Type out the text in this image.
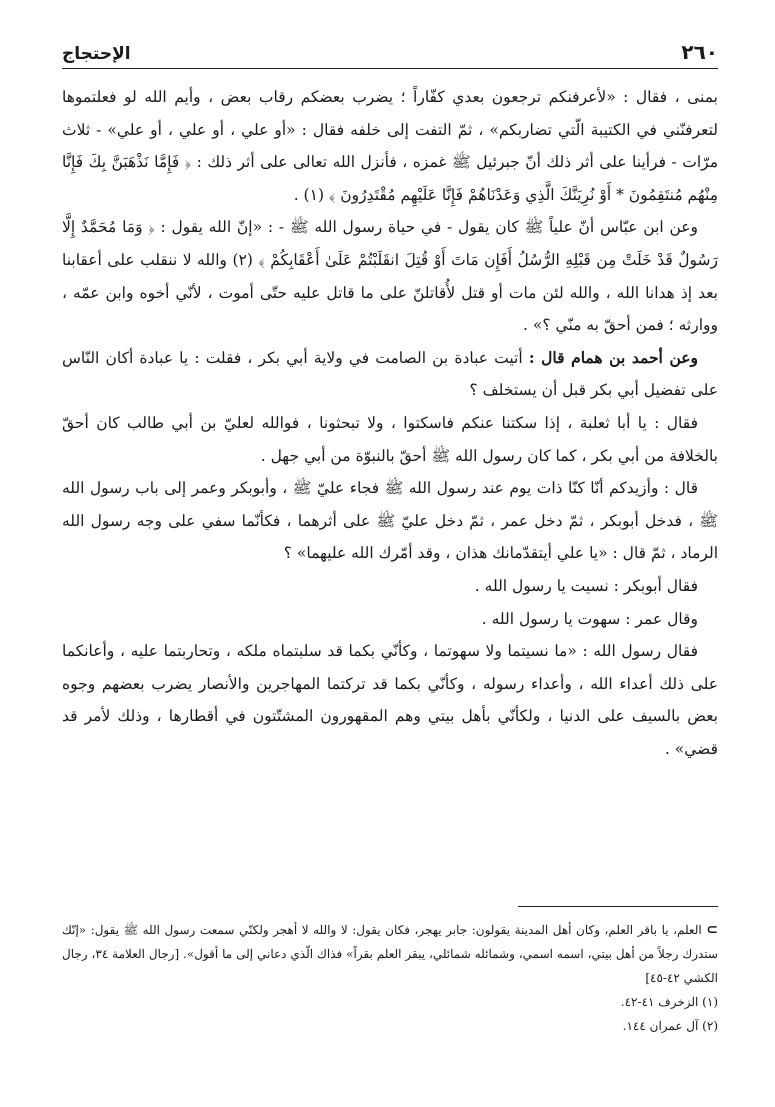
٢٦٠
الإحتجاج

بمنى ، فقال : «لأعرفنكم ترجعون بعدي كفّاراً ؛ يضرب بعضكم رقاب بعض ، وأيم الله لو فعلتموها لتعرفنّني في الكتيبة الّتي تضاربكم» ، ثمّ التفت إلى خلفه فقال : «أو علي ، أو علي ، أو علي» - ثلاث مرّات - فرأينا على أثر ذلك أنّ جبرئيل ﷺ غمزه ، فأنزل الله تعالى على أثر ذلك : ﴿ فَإِمَّا نَذْهَبَنَّ بِكَ فَإِنَّا مِنْهُم مُنتَقِمُونَ * أَوْ نُرِيَنَّكَ الَّذِي وَعَدْنَاهُمْ فَإِنَّا عَلَيْهِم مُقْتَدِرُونَ ﴾ (١) .

وعن ابن عبّاس أنّ علياً ﷺ كان يقول - في حياة رسول الله ﷺ - : «إنّ الله يقول : ﴿ وَمَا مُحَمَّدٌ إِلَّا رَسُولٌ قَدْ خَلَتْ مِن قَبْلِهِ الرُّسُلُ أَفَإِن مَاتَ أَوْ قُتِلَ انقَلَبْتُمْ عَلَىٰ أَعْقَابِكُمْ ﴾ (٢) والله لا ننقلب على أعقابنا بعد إذ هدانا الله ، والله لئن مات أو قتل لأُقاتلنّ على ما قاتل عليه حتّى أموت ، لأنّي أخوه وابن عمّه ، ووارثه ؛ فمن أحقّ به منّي ؟» .

وعن أحمد بن همام قال : أتيت عبادة بن الصامت في ولاية أبي بكر ، فقلت : يا عبادة أكان النّاس على تفضيل أبي بكر قبل أن يستخلف ؟

فقال : يا أبا ثعلبة ، إذا سكتنا عنكم فاسكتوا ، ولا تبحثونا ، فوالله لعليّ بن أبي طالب كان أحقّ بالخلافة من أبي بكر ، كما كان رسول الله ﷺ أحقّ بالنبوّة من أبي جهل .

قال : وأزيدكم أنّا كنّا ذات يوم عند رسول الله ﷺ فجاء عليّ ﷺ ، وأبوبكر وعمر إلى باب رسول الله ﷺ ، فدخل أبوبكر ، ثمّ دخل عمر ، ثمّ دخل عليّ ﷺ على أثرهما ، فكأنّما سفي على وجه رسول الله الرماد ، ثمّ قال : «يا علي أيتقدّمانك هذان ، وقد أمّرك الله عليهما» ؟

فقال أبوبكر : نسيت يا رسول الله .

وقال عمر : سهوت يا رسول الله .

فقال رسول الله : «ما نسيتما ولا سهوتما ، وكأنّي بكما قد سلبتماه ملكه ، وتحاربتما عليه ، وأعانكما على ذلك أعداء الله ، وأعداء رسوله ، وكأنّي بكما قد تركتما المهاجرين والأنصار يضرب بعضهم وجوه بعض بالسيف على الدنيا ، ولكأنّي بأهل بيتي وهم المقهورون المشتّتون في أقطارها ، وذلك لأمر قد قضي» .

⊃ العلم، يا باقر العلم، وكان أهل المدينة يقولون: جابر يهجر، فكان يقول: لا والله لا أهجر ولكنّي سمعت رسول الله ﷺ يقول: «إنّك ستدرك رجلاً من أهل بيتي، اسمه اسمي، وشمائله شمائلي، يبقر العلم بقراً» فذاك الّذي دعاني إلى ما أقول». [رجال العلامة ٣٤، رجال الكشي ٤٢-٤٥]

(١) الزخرف ٤١-٤٢.

(٢) آل عمران ١٤٤.
